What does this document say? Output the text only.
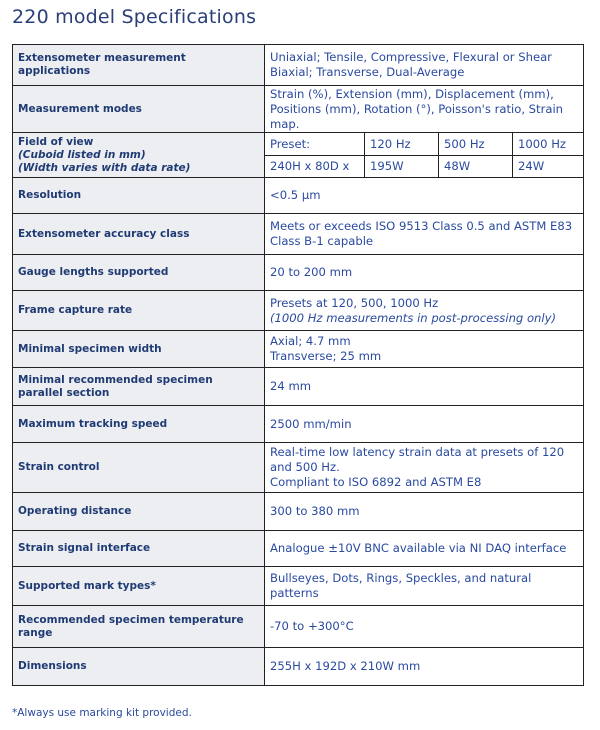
220 model Specifications
Extensometer measurement applications	Uniaxial; Tensile, Compressive, Flexural or Shear
Biaxial; Transverse, Dual-Average			
Measurement modes	Strain (%), Extension (mm), Displacement (mm), Positions (mm), Rotation (°), Poisson's ratio, Strain map.			

Field of view
(Cuboid listed in mm)
(Width varies with data rate)	Preset:	120 Hz	500 Hz	1000 Hz
	240H x 80D x	195W	48W	24W
Resolution	<0.5 µm			
Extensometer accuracy class	Meets or exceeds ISO 9513 Class 0.5 and ASTM E83 Class B-1 capable			
Gauge lengths supported	20 to 200 mm			
Frame capture rate	Presets at 120, 500, 1000 Hz
(1000 Hz measurements in post-processing only)			

Minimal specimen width	Axial; 4.7 mm
Transverse; 25 mm			
Minimal recommended specimen parallel section	24 mm			
Maximum tracking speed	2500 mm/min			
Strain control	Real-time low latency strain data at presets of 120 and 500 Hz.
Compliant to ISO 6892 and ASTM E8			
Operating distance	300 to 380 mm			
Strain signal interface	Analogue ±10V BNC available via NI DAQ interface			
Supported mark types*	Bullseyes, Dots, Rings, Speckles, and natural patterns			
Recommended specimen temperature range	-70 to +300°C			
Dimensions	255H x 192D x 210W mm			
*Always use marking kit provided.
